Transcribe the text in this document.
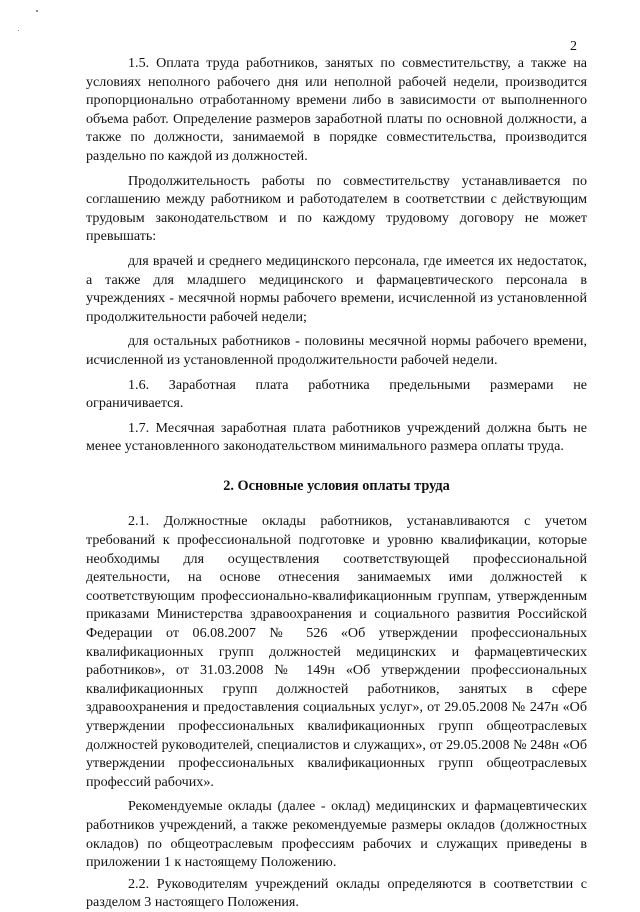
2

1.5. Оплата труда работников, занятых по совместительству, а также на условиях неполного рабочего дня или неполной рабочей недели, производится пропорционально отработанному времени либо в зависимости от выполненного объема работ. Определение размеров заработной платы по основной должности, а также по должности, занимаемой в порядке совместительства, производится раздельно по каждой из должностей.

Продолжительность работы по совместительству устанавливается по соглашению между работником и работодателем в соответствии с действующим трудовым законодательством и по каждому трудовому договору не может превышать:

для врачей и среднего медицинского персонала, где имеется их недостаток, а также для младшего медицинского и фармацевтического персонала в учреждениях - месячной нормы рабочего времени, исчисленной из установленной продолжительности рабочей недели;

для остальных работников - половины месячной нормы рабочего времени, исчисленной из установленной продолжительности рабочей недели.

1.6. Заработная плата работника предельными размерами не ограничивается.

1.7. Месячная заработная плата работников учреждений должна быть не менее установленного законодательством минимального размера оплаты труда.

2. Основные условия оплаты труда

2.1. Должностные оклады работников, устанавливаются с учетом требований к профессиональной подготовке и уровню квалификации, которые необходимы для осуществления соответствующей профессиональной деятельности, на основе отнесения занимаемых ими должностей к соответствующим профессионально-квалификационным группам, утвержденным приказами Министерства здравоохранения и социального развития Российской Федерации от 06.08.2007 № 526 «Об утверждении профессиональных квалификационных групп должностей медицинских и фармацевтических работников», от 31.03.2008 № 149н «Об утверждении профессиональных квалификационных групп должностей работников, занятых в сфере здравоохранения и предоставления социальных услуг», от 29.05.2008 № 247н «Об утверждении профессиональных квалификационных групп общеотраслевых должностей руководителей, специалистов и служащих», от 29.05.2008 № 248н «Об утверждении профессиональных квалификационных групп общеотраслевых профессий рабочих».

Рекомендуемые оклады (далее - оклад) медицинских и фармацевтических работников учреждений, а также рекомендуемые размеры окладов (должностных окладов) по общеотраслевым профессиям рабочих и служащих приведены в приложении 1 к настоящему Положению.

2.2. Руководителям учреждений оклады определяются в соответствии с разделом 3 настоящего Положения.
